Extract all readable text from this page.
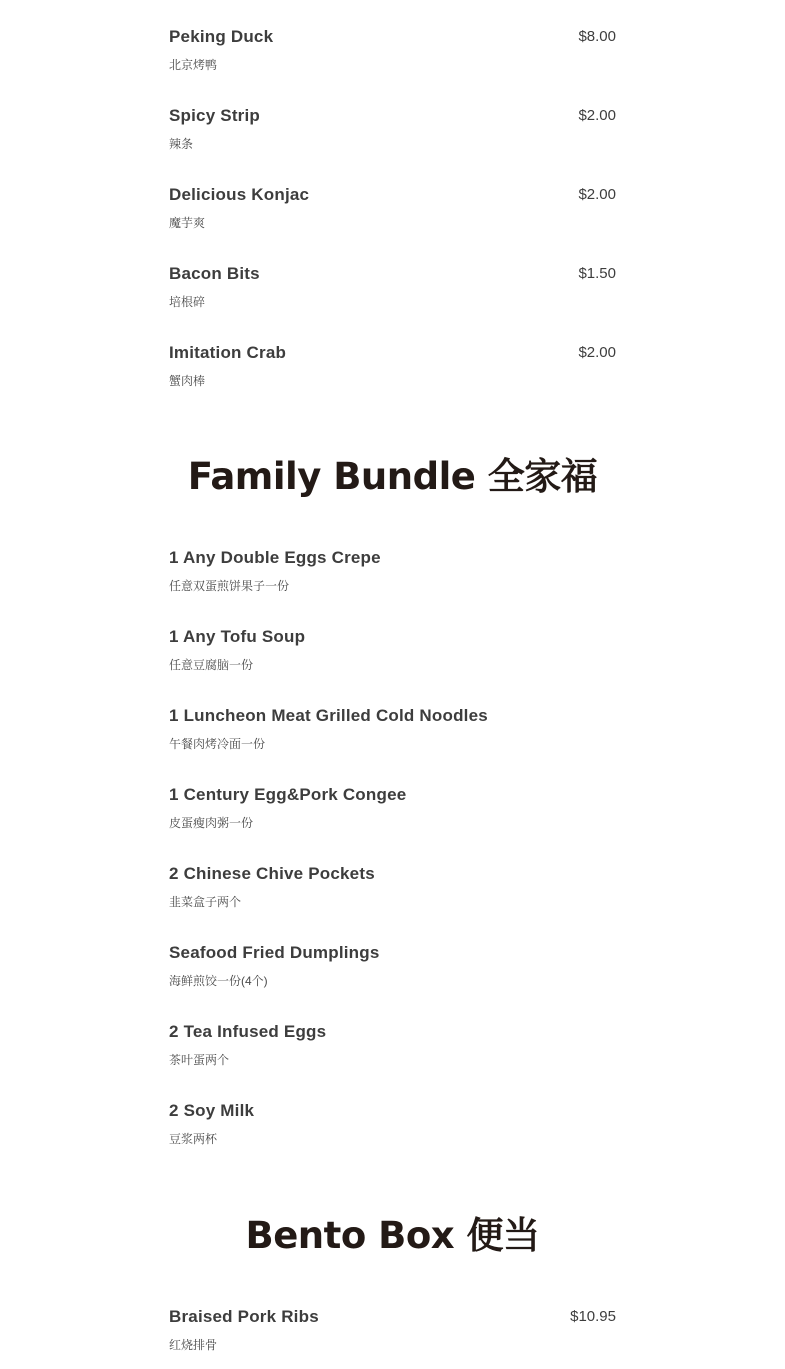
Peking Duck	$8.00
北京烤鸭
Spicy Strip	$2.00
辣条
Delicious Konjac	$2.00
魔芋爽
Bacon Bits	$1.50
培根碎
Imitation Crab	$2.00
蟹肉棒
Family Bundle 全家福
1 Any Double Eggs Crepe
任意双蛋煎饼果子一份
1 Any Tofu Soup
任意豆腐脑一份
1 Luncheon Meat Grilled Cold Noodles
午餐肉烤冷面一份
1 Century Egg&Pork Congee
皮蛋瘦肉粥一份
2 Chinese Chive Pockets
韭菜盒子两个
Seafood Fried Dumplings
海鲜煎饺一份(4个)
2 Tea Infused Eggs
茶叶蛋两个
2 Soy Milk
豆浆两杯
Bento Box 便当
Braised Pork Ribs	$10.95
红烧排骨
